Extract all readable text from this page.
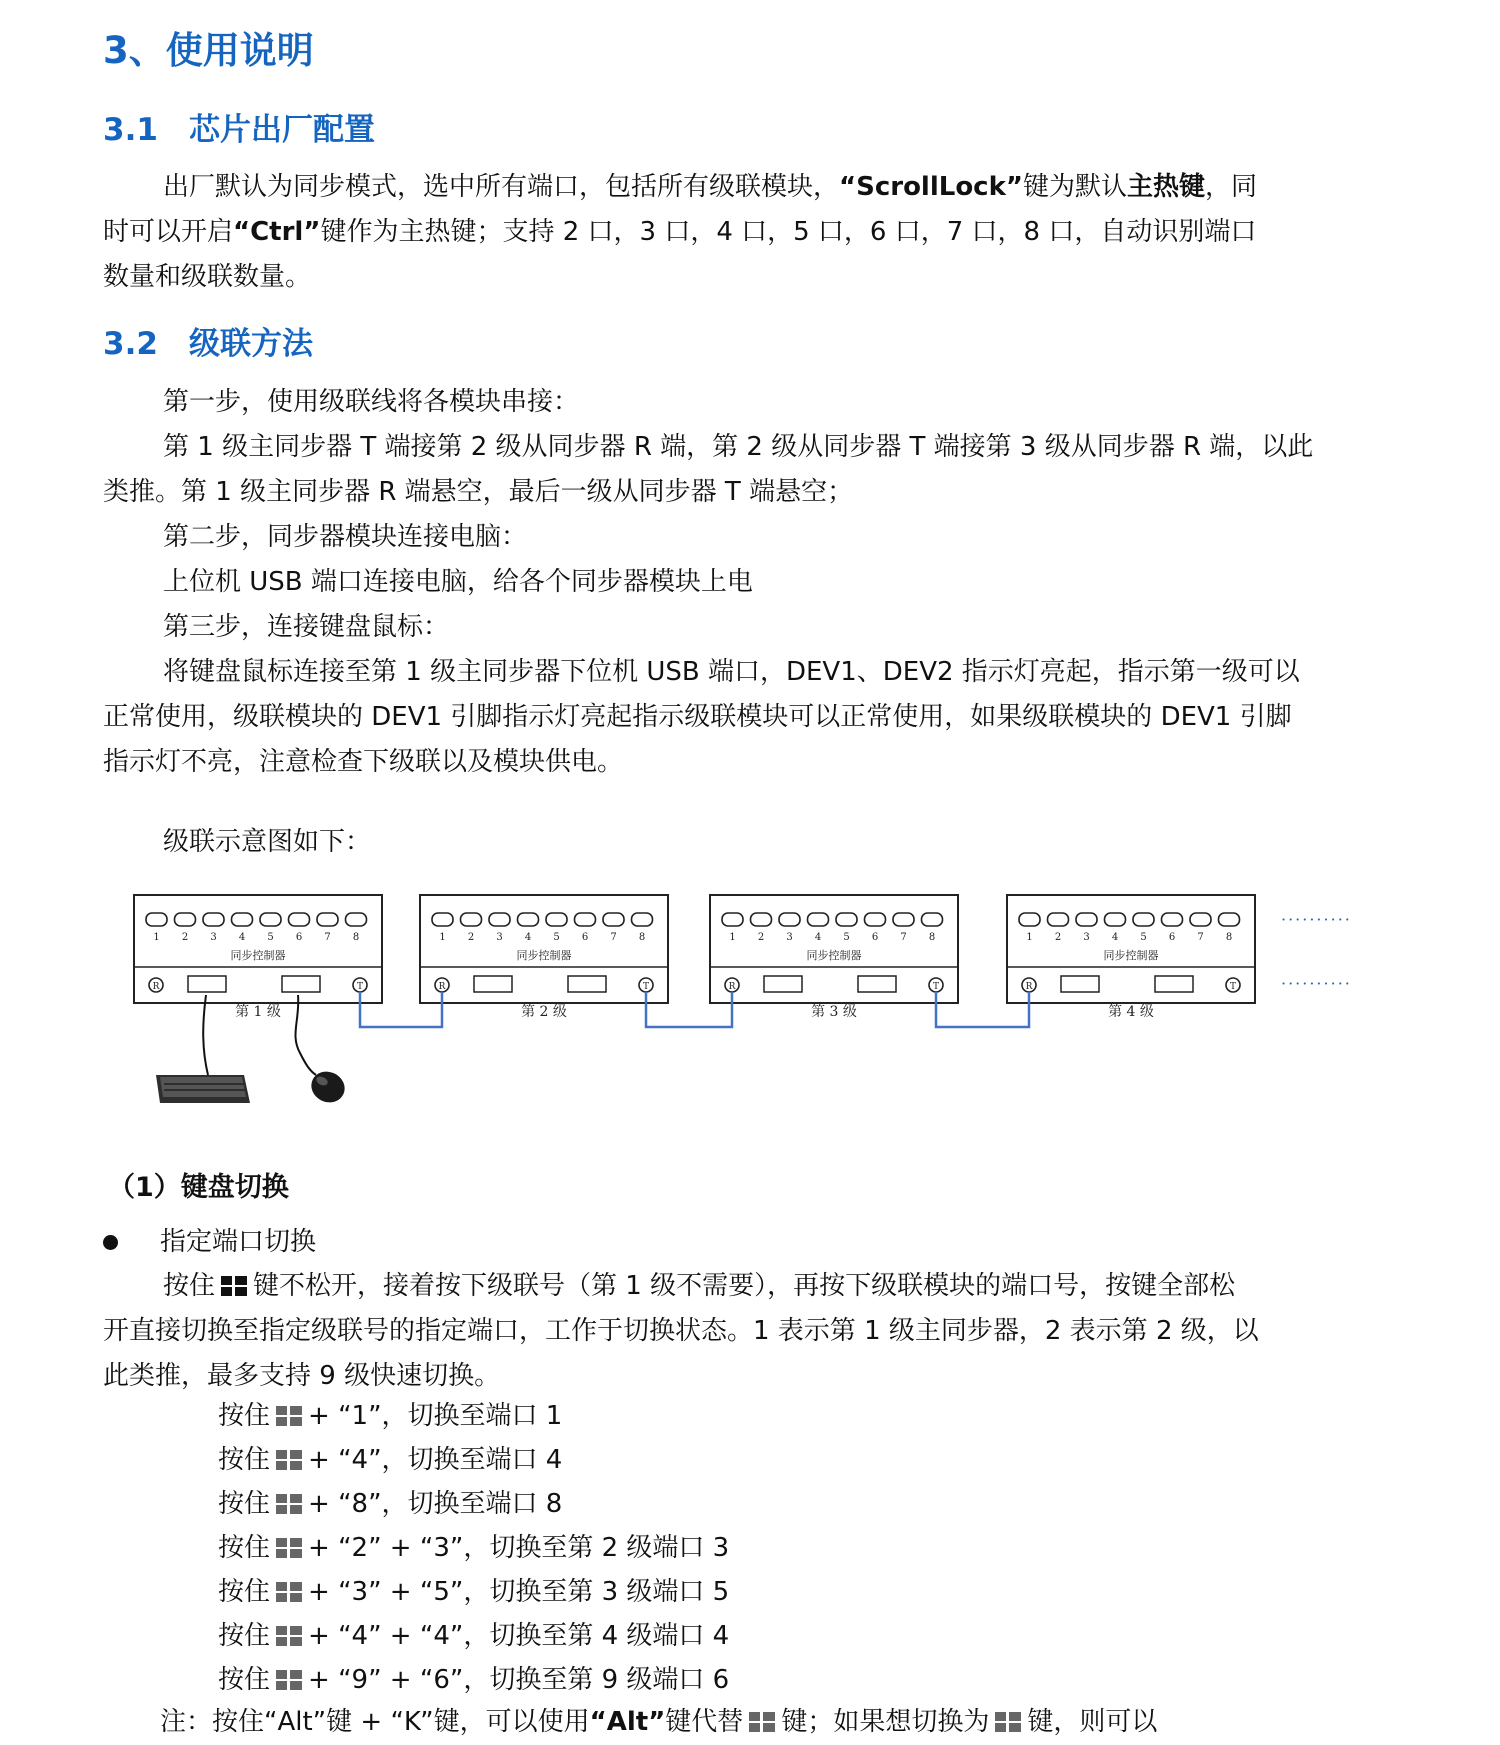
3、使用说明
3.1 芯片出厂配置
出厂默认为同步模式，选中所有端口，包括所有级联模块，“ScrollLock”键为默认主热键，同
时可以开启“Ctrl”键作为主热键；支持 2 口，3 口，4 口，5 口，6 口，7 口，8 口，自动识别端口
数量和级联数量。
3.2 级联方法
第一步，使用级联线将各模块串接：
第 1 级主同步器 T 端接第 2 级从同步器 R 端，第 2 级从同步器 T 端接第 3 级从同步器 R 端，以此
类推。第 1 级主同步器 R 端悬空，最后一级从同步器 T 端悬空；
第二步，同步器模块连接电脑：
上位机 USB 端口连接电脑，给各个同步器模块上电
第三步，连接键盘鼠标：
将键盘鼠标连接至第 1 级主同步器下位机 USB 端口，DEV1、DEV2 指示灯亮起，指示第一级可以
正常使用，级联模块的 DEV1 引脚指示灯亮起指示级联模块可以正常使用，如果级联模块的 DEV1 引脚
指示灯不亮，注意检查下级联以及模块供电。
级联示意图如下：
1 2 3 4 5 6 7 8
同步控制器
R	T
第 1 级
1 2 3 4 5 6 7 8
同步控制器
R	T
第 2 级
1 2 3 4 5 6 7 8
同步控制器
R	T
第 3 级
1 2 3 4 5 6 7 8
同步控制器
R	T
第 4 级
··········
··········
（1）键盘切换
指定端口切换
按住 键不松开，接着按下级联号（第 1 级不需要），再按下级联模块的端口号，按键全部松
开直接切换至指定级联号的指定端口，工作于切换状态。1 表示第 1 级主同步器，2 表示第 2 级，以
此类推，最多支持 9 级快速切换。
按住 + “1”，切换至端口 1
按住 + “4”，切换至端口 4
按住 + “8”，切换至端口 8
按住 + “2” + “3”，切换至第 2 级端口 3
按住 + “3” + “5”，切换至第 3 级端口 5
按住 + “4” + “4”，切换至第 4 级端口 4
按住 + “9” + “6”，切换至第 9 级端口 6
注：按住“Alt”键 + “K”键，可以使用“Alt”键代替 键；如果想切换为 键，则可以
